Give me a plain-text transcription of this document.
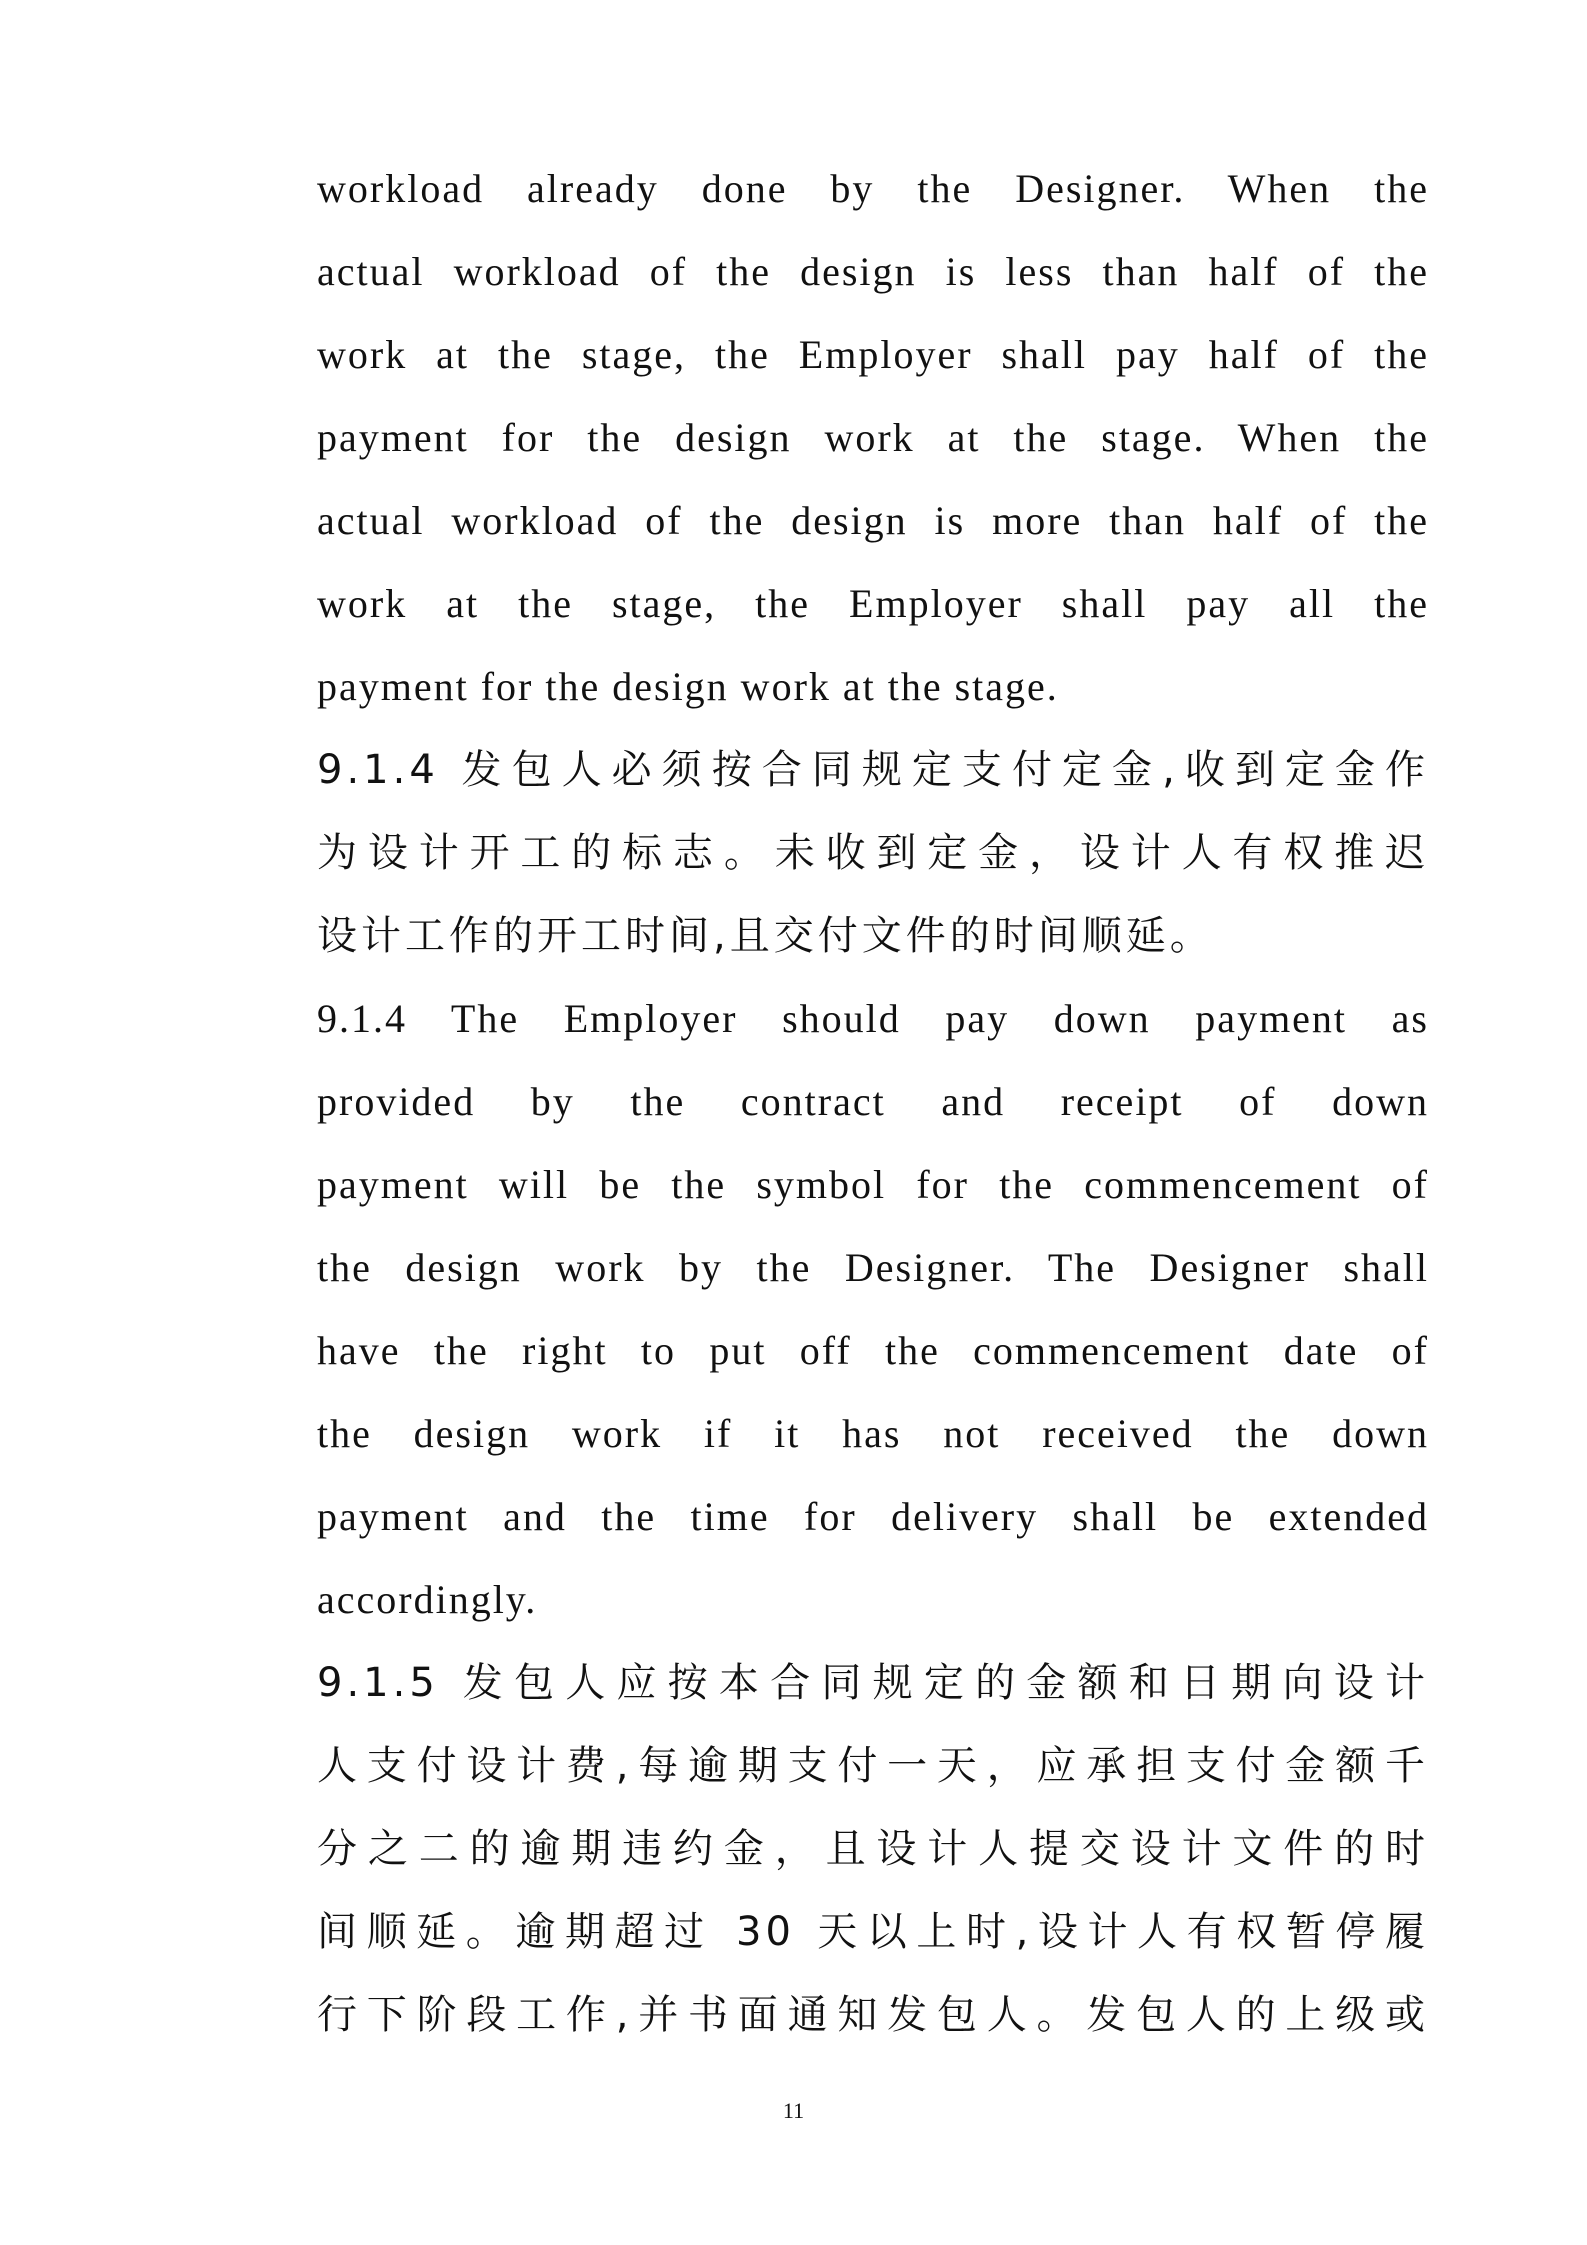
workload already done by the Designer. When the
actual workload of the design is less than half of the
work at the stage, the Employer shall pay half of the
payment for the design work at the stage. When the
actual workload of the design is more than half of the
work at the stage, the Employer shall pay all the
payment for the design work at the stage.
9.1.4 发包人必须按合同规定支付定金,收到定金作
为设计开工的标志。未收到定金，设计人有权推迟
设计工作的开工时间,且交付文件的时间顺延。
9.1.4 The Employer should pay down payment as
provided by the contract and receipt of down
payment will be the symbol for the commencement of
the design work by the Designer. The Designer shall
have the right to put off the commencement date of
the design work if it has not received the down
payment and the time for delivery shall be extended
accordingly.
9.1.5 发包人应按本合同规定的金额和日期向设计
人支付设计费,每逾期支付一天，应承担支付金额千
分之二的逾期违约金，且设计人提交设计文件的时
间顺延。逾期超过 30 天以上时,设计人有权暂停履
行下阶段工作,并书面通知发包人。发包人的上级或
11
